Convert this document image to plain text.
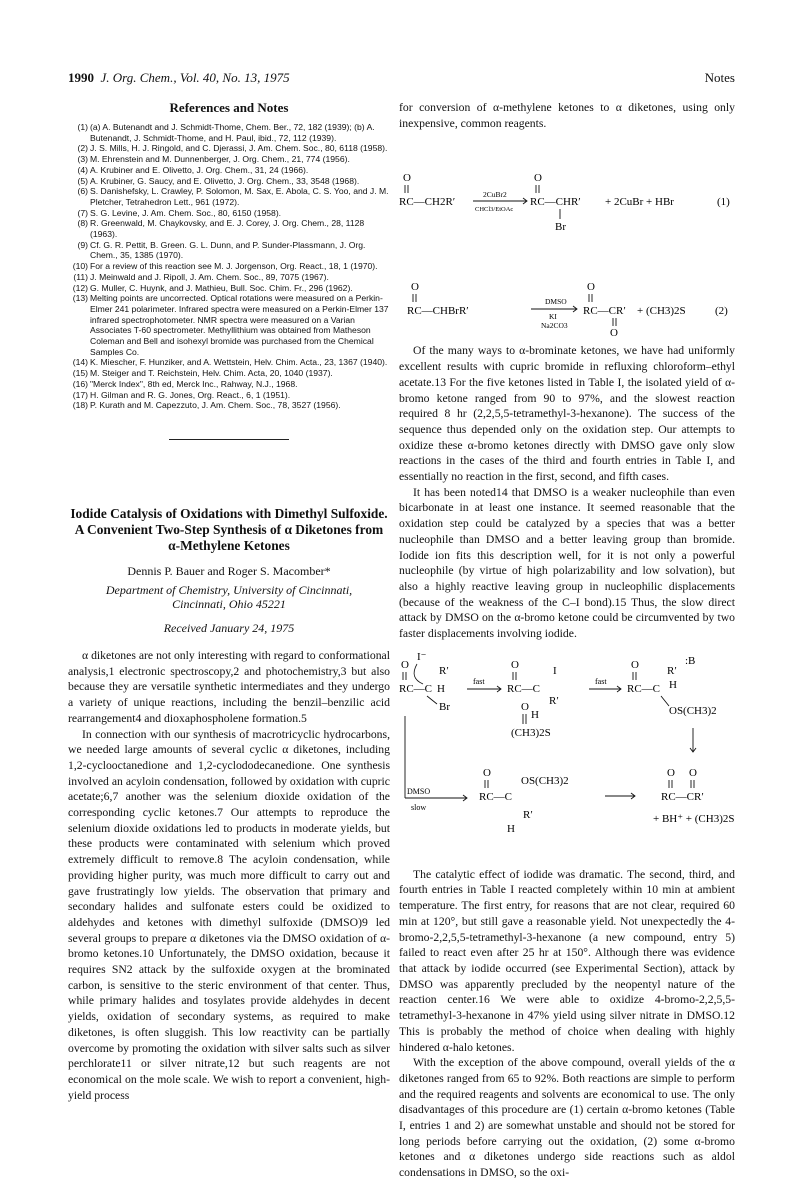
1990 J. Org. Chem., Vol. 40, No. 13, 1975	Notes
References and Notes
(1) (a) A. Butenandt and J. Schmidt-Thome, Chem. Ber., 72, 182 (1939); (b) A. Butenandt, J. Schmidt-Thome, and H. Paul, ibid., 72, 112 (1939).
(2) J. S. Mills, H. J. Ringold, and C. Djerassi, J. Am. Chem. Soc., 80, 6118 (1958).
(3) M. Ehrenstein and M. Dunnenberger, J. Org. Chem., 21, 774 (1956).
(4) A. Krubiner and E. Olivetto, J. Org. Chem., 31, 24 (1966).
(5) A. Krubiner, G. Saucy, and E. Olivetto, J. Org. Chem., 33, 3548 (1968).
(6) S. Danishefsky, L. Crawley, P. Solomon, M. Sax, E. Abola, C. S. Yoo, and J. M. Pletcher, Tetrahedron Lett., 961 (1972).
(7) S. G. Levine, J. Am. Chem. Soc., 80, 6150 (1958).
(8) R. Greenwald, M. Chaykovsky, and E. J. Corey, J. Org. Chem., 28, 1128 (1963).
(9) Cf. G. R. Pettit, B. Green. G. L. Dunn, and P. Sunder-Plassmann, J. Org. Chem., 35, 1385 (1970).
(10) For a review of this reaction see M. J. Jorgenson, Org. React., 18, 1 (1970).
(11) J. Meinwald and J. Ripoll, J. Am. Chem. Soc., 89, 7075 (1967).
(12) G. Muller, C. Huynk, and J. Mathieu, Bull. Soc. Chim. Fr., 296 (1962).
(13) Melting points are uncorrected. Optical rotations were measured on a Perkin-Elmer 241 polarimeter. Infrared spectra were measured on a Perkin-Elmer 137 infrared spectrophotometer. NMR spectra were measured on a Varian Associates T-60 spectrometer. Methyllithium was obtained from Matheson Coleman and Bell and isohexyl bromide was purchased from the Chemical Samples Co.
(14) K. Miescher, F. Hunziker, and A. Wettstein, Helv. Chim. Acta., 23, 1367 (1940).
(15) M. Steiger and T. Reichstein, Helv. Chim. Acta, 20, 1040 (1937).
(16) "Merck Index", 8th ed, Merck Inc., Rahway, N.J., 1968.
(17) H. Gilman and R. G. Jones, Org. React., 6, 1 (1951).
(18) P. Kurath and M. Capezzuto, J. Am. Chem. Soc., 78, 3527 (1956).
Iodide Catalysis of Oxidations with Dimethyl Sulfoxide. A Convenient Two-Step Synthesis of α Diketones from α-Methylene Ketones
Dennis P. Bauer and Roger S. Macomber*
Department of Chemistry, University of Cincinnati,
Cincinnati, Ohio 45221
Received January 24, 1975

α diketones are not only interesting with regard to conformational analysis,1 electronic spectroscopy,2 and photochemistry,3 but also because they are versatile synthetic intermediates and they undergo a variety of unique reactions, including the benzil–benzilic acid rearrangement4 and dioxaphospholene formation.5

In connection with our synthesis of macrotricyclic hydrocarbons, we needed large amounts of several cyclic α diketones, including 1,2-cyclooctanedione and 1,2-cyclododecanedione. One synthesis involved an acyloin condensation, followed by oxidation with cupric acetate;6,7 another was the selenium dioxide oxidation of the corresponding cyclic ketones.7 Our attempts to reproduce the selenium dioxide oxidations led to products in moderate yields, but these products were contaminated with selenium which proved extremely difficult to remove.8 The acyloin condensation, while providing higher purity, was much more difficult to carry out and gave frustratingly low yields. The observation that primary and secondary halides and sulfonate esters could be oxidized to aldehydes and ketones with dimethyl sulfoxide (DMSO)9 led several groups to prepare α diketones via the DMSO oxidation of α-bromo ketones.10 Unfortunately, the DMSO oxidation, because it requires SN2 attack by the sulfoxide oxygen at the brominated carbon, is sensitive to the steric environment of that center. Thus, while primary halides and tosylates provide aldehydes in decent yields, oxidation of secondary systems, as required to make diketones, is often sluggish. This low reactivity can be partially overcome by promoting the oxidation with silver salts such as silver perchlorate11 or silver nitrate,12 but such reagents are not economical on the mole scale. We wish to report a convenient, high-yield process

for conversion of α-methylene ketones to α diketones, using only inexpensive, common reagents.

O
RC—CH2R′
2CuBr2
CHCl3/EtOAc
O
RC—CHR′
Br
+ 2CuBr + HBr	(1)

O
RC—CHBrR′
DMSO
KI
Na2CO3
O
RC—CR′
O
+ (CH3)2S	(2)

Of the many ways to α-brominate ketones, we have had uniformly excellent results with cupric bromide in refluxing chloroform–ethyl acetate.13 For the five ketones listed in Table I, the isolated yield of α-bromo ketone ranged from 90 to 97%, and the slowest reaction required 8 hr (2,2,5,5-tetramethyl-3-hexanone). The success of the sequence thus depended only on the oxidation step. Our attempts to oxidize these α-bromo ketones directly with DMSO gave only slow reactions in the cases of the third and fourth entries in Table I, and essentially no reaction in the first, second, and fifth cases.

It has been noted14 that DMSO is a weaker nucleophile than even bicarbonate in at least one instance. It seemed reasonable that the oxidation step could be catalyzed by a species that was a better nucleophile than DMSO and a better leaving group than bromide. Iodide ion fits this description well, for it is not only a powerful nucleophile (by virtue of high polarizability and low solvation), but also a highly reactive leaving group in nucleophilic displacements (because of the weakness of the C–I bond).15 Thus, the slow direct attack by DMSO on the α-bromo ketone could be circumvented by two faster displacements involving iodide.

I⁻
O
RC—C
R′
H
Br
fast
O
RC—C
I
R′
O
H
(CH3)2S
fast
O
RC—C
R′
:B
H
OS(CH3)2
DMSO
slow
O
RC—C
OS(CH3)2
R′
H
O O
RC—CR′
+ BH⁺ + (CH3)2S

The catalytic effect of iodide was dramatic. The second, third, and fourth entries in Table I reacted completely within 10 min at ambient temperature. The first entry, for reasons that are not clear, required 60 min at 120°, but still gave a reasonable yield. Not unexpectedly the 4-bromo-2,2,5,5-tetramethyl-3-hexanone (a new compound, entry 5) failed to react even after 25 hr at 150°. Although there was evidence that attack by iodide occurred (see Experimental Section), attack by DMSO was apparently precluded by the neopentyl nature of the reaction center.16 We were able to oxidize 4-bromo-2,2,5,5-tetramethyl-3-hexanone in 47% yield using silver nitrate in DMSO.12 This is probably the method of choice when dealing with highly hindered α-halo ketones.

With the exception of the above compound, overall yields of the α diketones ranged from 65 to 92%. Both reactions are simple to perform and the required reagents and solvents are economical to use. The only disadvantages of this procedure are (1) certain α-bromo ketones (Table I, entries 1 and 2) are somewhat unstable and should not be stored for long periods before carrying out the oxidation, (2) some α-bromo ketones and α diketones undergo side reactions such as aldol condensations in DMSO, so the oxi-
